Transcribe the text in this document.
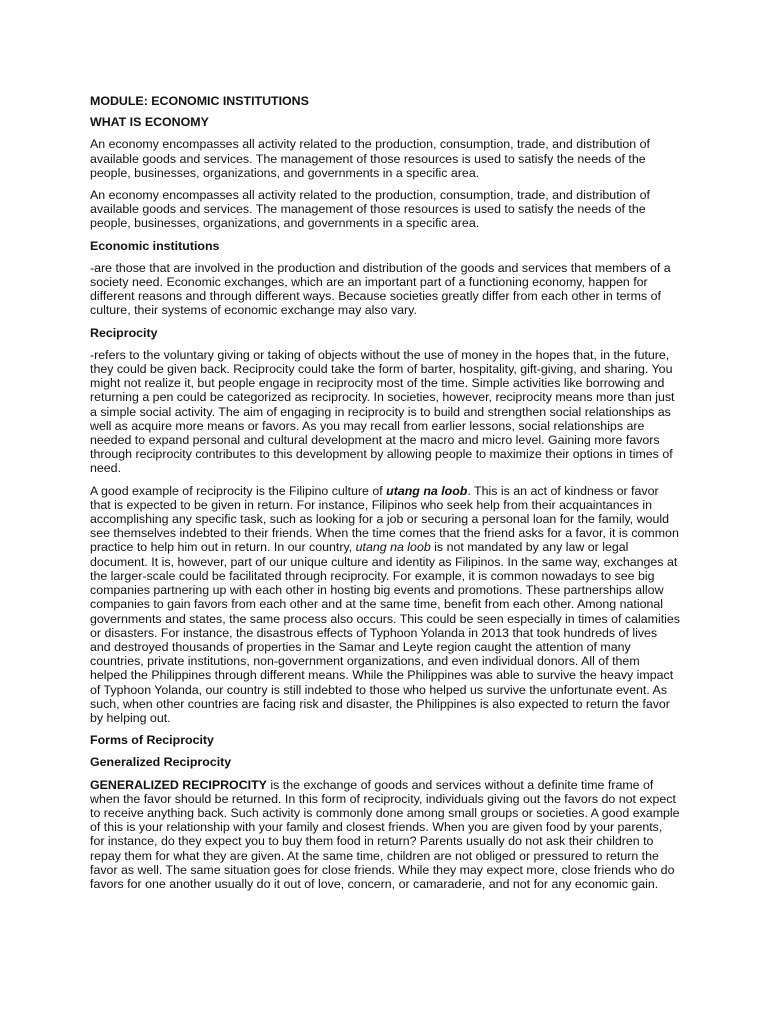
MODULE: ECONOMIC INSTITUTIONS

WHAT IS ECONOMY

An economy encompasses all activity related to the production, consumption, trade, and distribution of available goods and services. The management of those resources is used to satisfy the needs of the people, businesses, organizations, and governments in a specific area.

An economy encompasses all activity related to the production, consumption, trade, and distribution of available goods and services. The management of those resources is used to satisfy the needs of the people, businesses, organizations, and governments in a specific area.

Economic institutions

-are those that are involved in the production and distribution of the goods and services that members of a society need. Economic exchanges, which are an important part of a functioning economy, happen for different reasons and through different ways. Because societies greatly differ from each other in terms of culture, their systems of economic exchange may also vary.

Reciprocity

-refers to the voluntary giving or taking of objects without the use of money in the hopes that, in the future, they could be given back. Reciprocity could take the form of barter, hospitality, gift-giving, and sharing. You might not realize it, but people engage in reciprocity most of the time. Simple activities like borrowing and returning a pen could be categorized as reciprocity. In societies, however, reciprocity means more than just a simple social activity. The aim of engaging in reciprocity is to build and strengthen social relationships as well as acquire more means or favors. As you may recall from earlier lessons, social relationships are needed to expand personal and cultural development at the macro and micro level. Gaining more favors through reciprocity contributes to this development by allowing people to maximize their options in times of need.

A good example of reciprocity is the Filipino culture of utang na loob. This is an act of kindness or favor that is expected to be given in return. For instance, Filipinos who seek help from their acquaintances in accomplishing any specific task, such as looking for a job or securing a personal loan for the family, would see themselves indebted to their friends. When the time comes that the friend asks for a favor, it is common practice to help him out in return. In our country, utang na loob is not mandated by any law or legal document. It is, however, part of our unique culture and identity as Filipinos. In the same way, exchanges at the larger-scale could be facilitated through reciprocity. For example, it is common nowadays to see big companies partnering up with each other in hosting big events and promotions. These partnerships allow companies to gain favors from each other and at the same time, benefit from each other. Among national governments and states, the same process also occurs. This could be seen especially in times of calamities or disasters. For instance, the disastrous effects of Typhoon Yolanda in 2013 that took hundreds of lives and destroyed thousands of properties in the Samar and Leyte region caught the attention of many countries, private institutions, non-government organizations, and even individual donors. All of them helped the Philippines through different means. While the Philippines was able to survive the heavy impact of Typhoon Yolanda, our country is still indebted to those who helped us survive the unfortunate event. As such, when other countries are facing risk and disaster, the Philippines is also expected to return the favor by helping out.

Forms of Reciprocity

Generalized Reciprocity

GENERALIZED RECIPROCITY is the exchange of goods and services without a definite time frame of when the favor should be returned. In this form of reciprocity, individuals giving out the favors do not expect to receive anything back. Such activity is commonly done among small groups or societies. A good example of this is your relationship with your family and closest friends. When you are given food by your parents, for instance, do they expect you to buy them food in return? Parents usually do not ask their children to repay them for what they are given. At the same time, children are not obliged or pressured to return the favor as well. The same situation goes for close friends. While they may expect more, close friends who do favors for one another usually do it out of love, concern, or camaraderie, and not for any economic gain.
